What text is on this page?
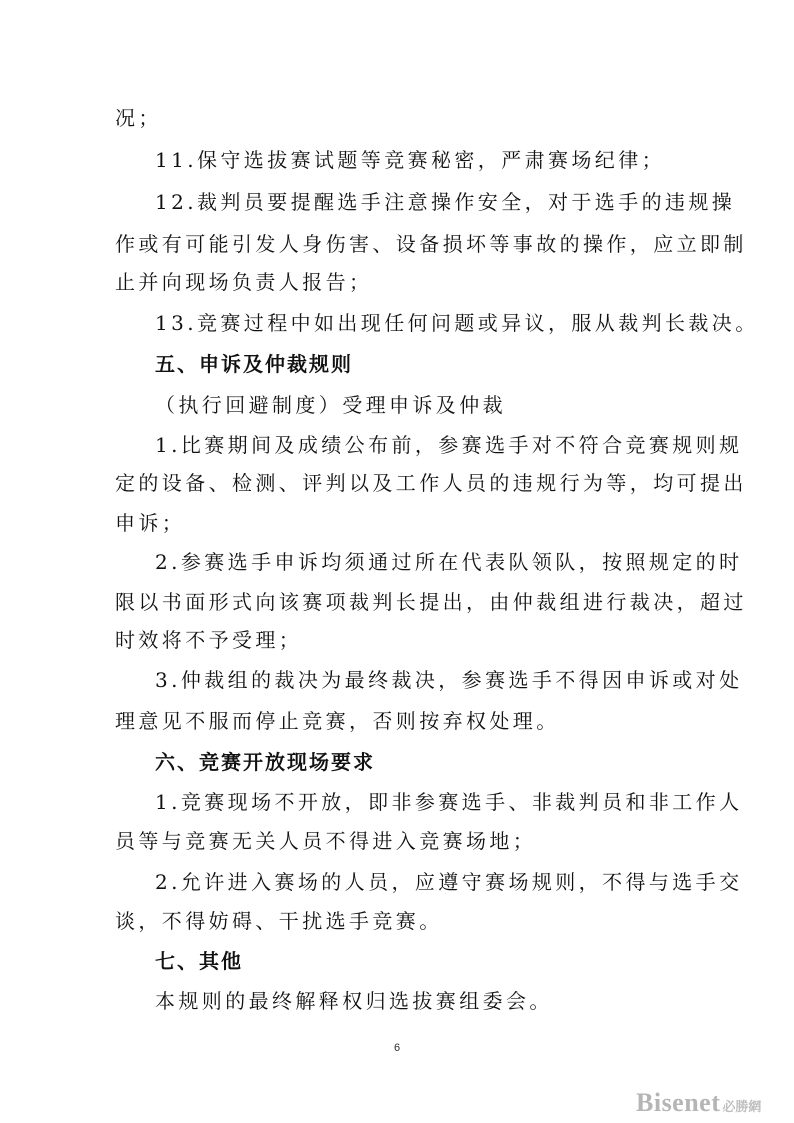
况；
11.保守选拔赛试题等竞赛秘密，严肃赛场纪律；
12.裁判员要提醒选手注意操作安全，对于选手的违规操
作或有可能引发人身伤害、设备损坏等事故的操作，应立即制
止并向现场负责人报告；
13.竞赛过程中如出现任何问题或异议，服从裁判长裁决。
五、申诉及仲裁规则
（执行回避制度）受理申诉及仲裁
1.比赛期间及成绩公布前，参赛选手对不符合竞赛规则规
定的设备、检测、评判以及工作人员的违规行为等，均可提出
申诉；
2.参赛选手申诉均须通过所在代表队领队，按照规定的时
限以书面形式向该赛项裁判长提出，由仲裁组进行裁决，超过
时效将不予受理；
3.仲裁组的裁决为最终裁决，参赛选手不得因申诉或对处
理意见不服而停止竞赛，否则按弃权处理。
六、竞赛开放现场要求
1.竞赛现场不开放，即非参赛选手、非裁判员和非工作人
员等与竞赛无关人员不得进入竞赛场地；
2.允许进入赛场的人员，应遵守赛场规则，不得与选手交
谈，不得妨碍、干扰选手竞赛。
七、其他
本规则的最终解释权归选拔赛组委会。
6
Bisenet 必勝網
